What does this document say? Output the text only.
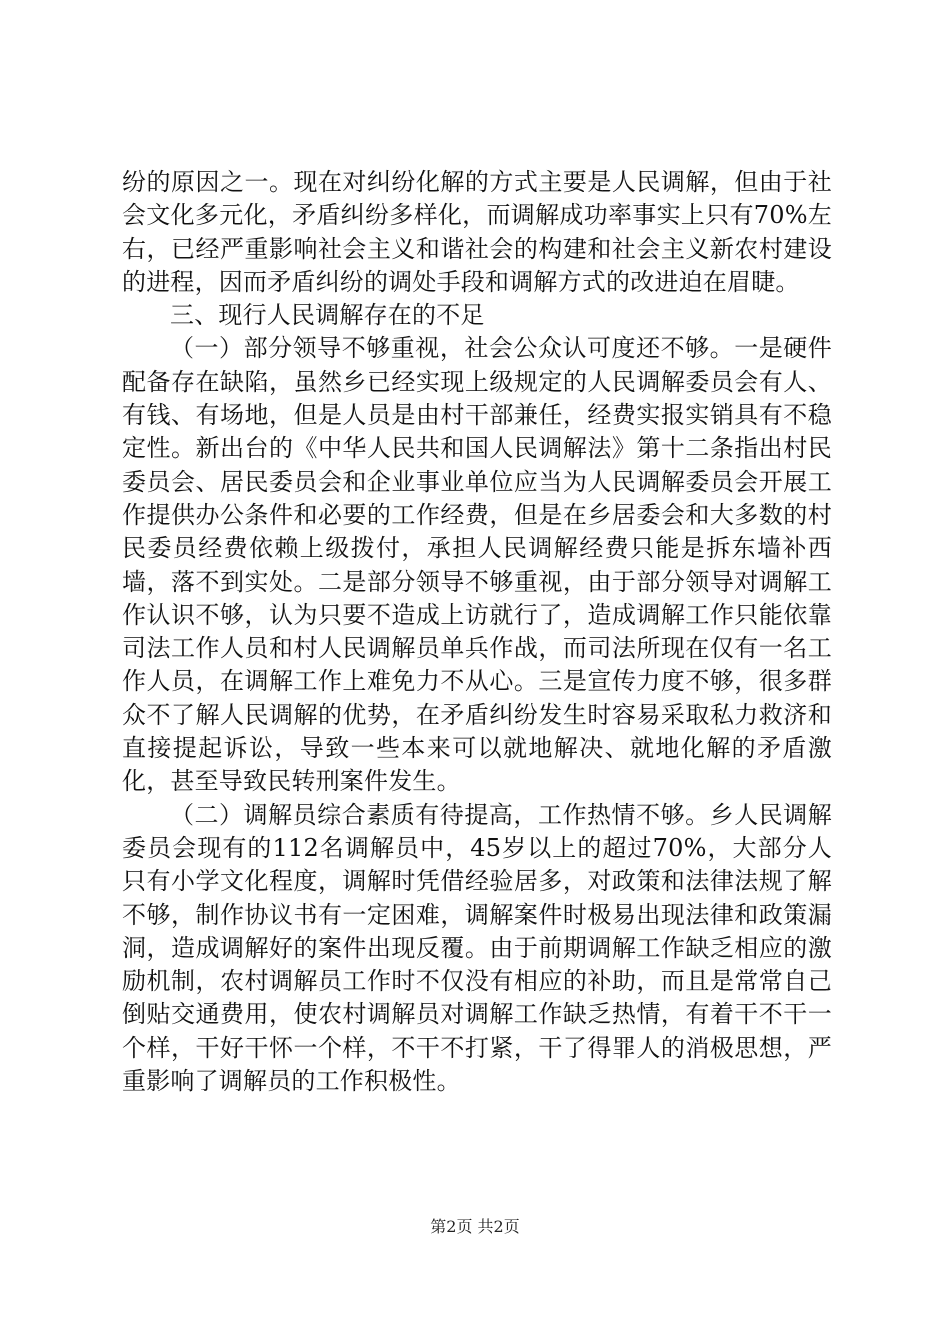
纷的原因之一。现在对纠纷化解的方式主要是人民调解，但由于社会文化多元化，矛盾纠纷多样化，而调解成功率事实上只有70%左右，已经严重影响社会主义和谐社会的构建和社会主义新农村建设的进程，因而矛盾纠纷的调处手段和调解方式的改进迫在眉睫。

三、现行人民调解存在的不足

（一）部分领导不够重视，社会公众认可度还不够。一是硬件配备存在缺陷，虽然乡已经实现上级规定的人民调解委员会有人、有钱、有场地，但是人员是由村干部兼任，经费实报实销具有不稳定性。新出台的《中华人民共和国人民调解法》第十二条指出村民委员会、居民委员会和企业事业单位应当为人民调解委员会开展工作提供办公条件和必要的工作经费，但是在乡居委会和大多数的村民委员经费依赖上级拨付，承担人民调解经费只能是拆东墙补西墙，落不到实处。二是部分领导不够重视，由于部分领导对调解工作认识不够，认为只要不造成上访就行了，造成调解工作只能依靠司法工作人员和村人民调解员单兵作战，而司法所现在仅有一名工作人员，在调解工作上难免力不从心。三是宣传力度不够，很多群众不了解人民调解的优势，在矛盾纠纷发生时容易采取私力救济和直接提起诉讼，导致一些本来可以就地解决、就地化解的矛盾激化，甚至导致民转刑案件发生。

（二）调解员综合素质有待提高，工作热情不够。乡人民调解委员会现有的112名调解员中，45岁以上的超过70%，大部分人只有小学文化程度，调解时凭借经验居多，对政策和法律法规了解不够，制作协议书有一定困难，调解案件时极易出现法律和政策漏洞，造成调解好的案件出现反覆。由于前期调解工作缺乏相应的激励机制，农村调解员工作时不仅没有相应的补助，而且是常常自己倒贴交通费用，使农村调解员对调解工作缺乏热情，有着干不干一个样，干好干怀一个样，不干不打紧，干了得罪人的消极思想，严重影响了调解员的工作积极性。

第2页 共2页
